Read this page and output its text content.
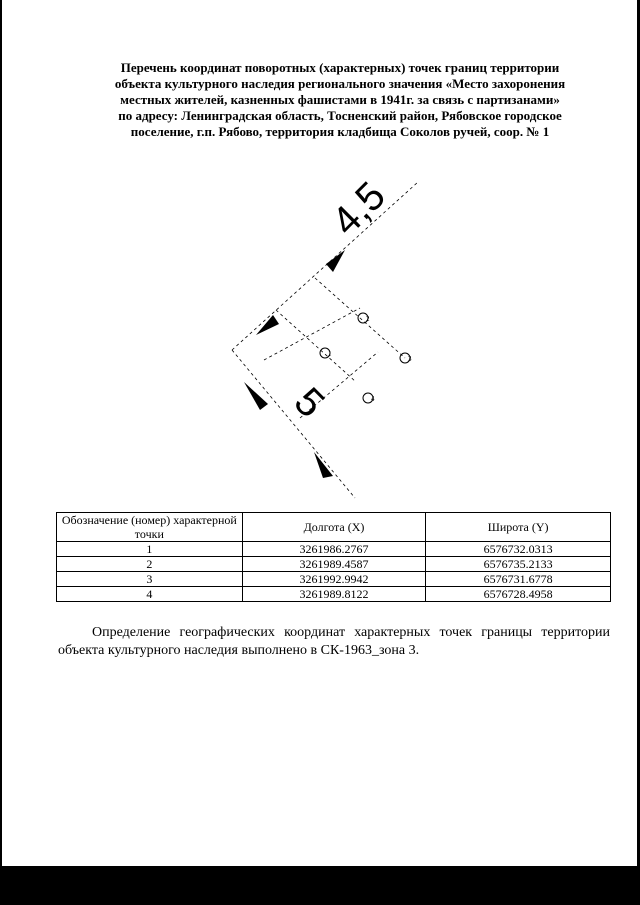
Перечень координат поворотных (характерных) точек границ территории
объекта культурного наследия регионального значения «Место захоронения
местных жителей, казненных фашистами в 1941г. за связь с партизанами»
по адресу: Ленинградская область, Тосненский район, Рябовское городское
поселение, г.п. Рябово, территория кладбища Соколов ручей, соор. № 1
1
2
3
4
4,5
5
Обозначение (номер) характерной точки	Долгота (X)	Широта (Y)
1	3261986.2767	6576732.0313
2	3261989.4587	6576735.2133
3	3261992.9942	6576731.6778
4	3261989.8122	6576728.4958
Определение географических координат характерных точек границы территории объекта культурного наследия выполнено в СК-1963_зона 3.
